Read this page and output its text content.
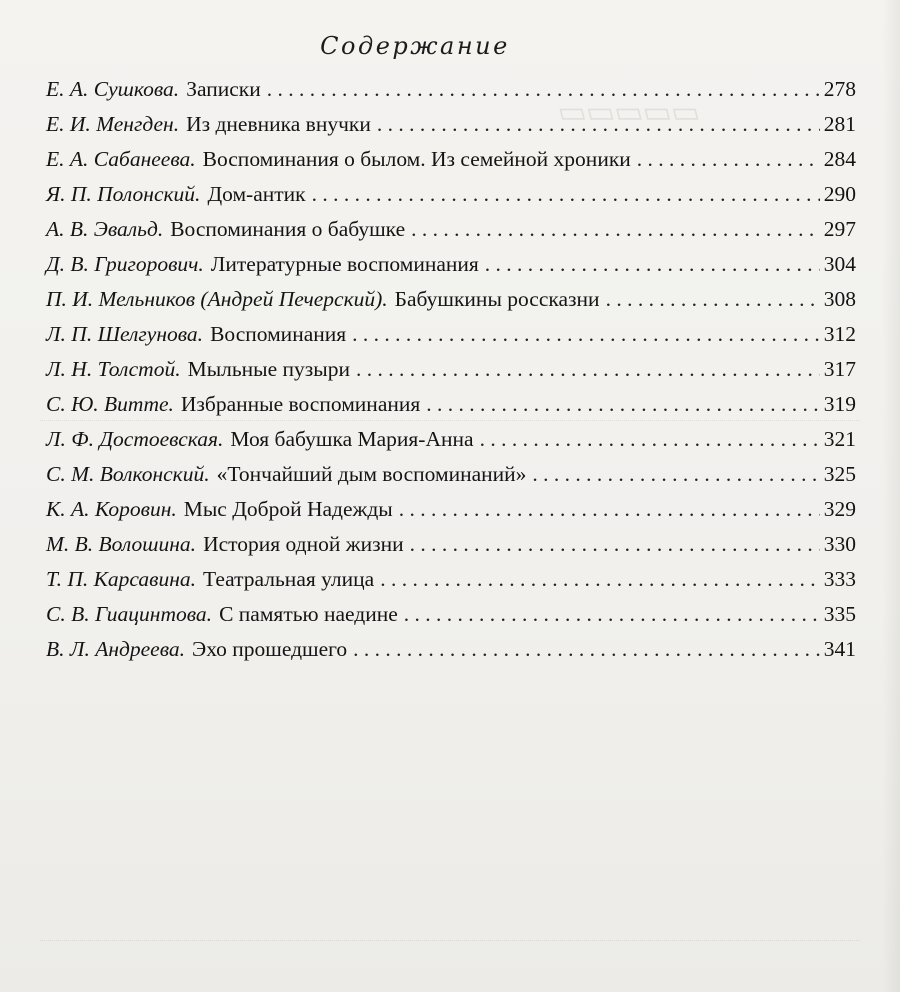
▭▭▭▭▭
Содержание
Е. А. Сушкова. Записки . . .	278
Е. И. Менгден. Из дневника внучки . . .	281
Е. А. Сабанеева. Воспоминания о былом. Из семейной хроники . . .	284
Я. П. Полонский. Дом-антик . . .	290
А. В. Эвальд. Воспоминания о бабушке . . .	297
Д. В. Григорович. Литературные воспоминания . . .	304
П. И. Мельников (Андрей Печерский). Бабушкины россказни . . .	308
Л. П. Шелгунова. Воспоминания . . .	312
Л. Н. Толстой. Мыльные пузыри . . .	317
С. Ю. Витте. Избранные воспоминания . . .	319
Л. Ф. Достоевская. Моя бабушка Мария-Анна . . .	321
С. М. Волконский. «Тончайший дым воспоминаний» . . .	325
К. А. Коровин. Мыс Доброй Надежды . . .	329
М. В. Волошина. История одной жизни . . .	330
Т. П. Карсавина. Театральная улица . . .	333
С. В. Гиацинтова. С памятью наедине . . .	335
В. Л. Андреева. Эхо прошедшего . . .	341
